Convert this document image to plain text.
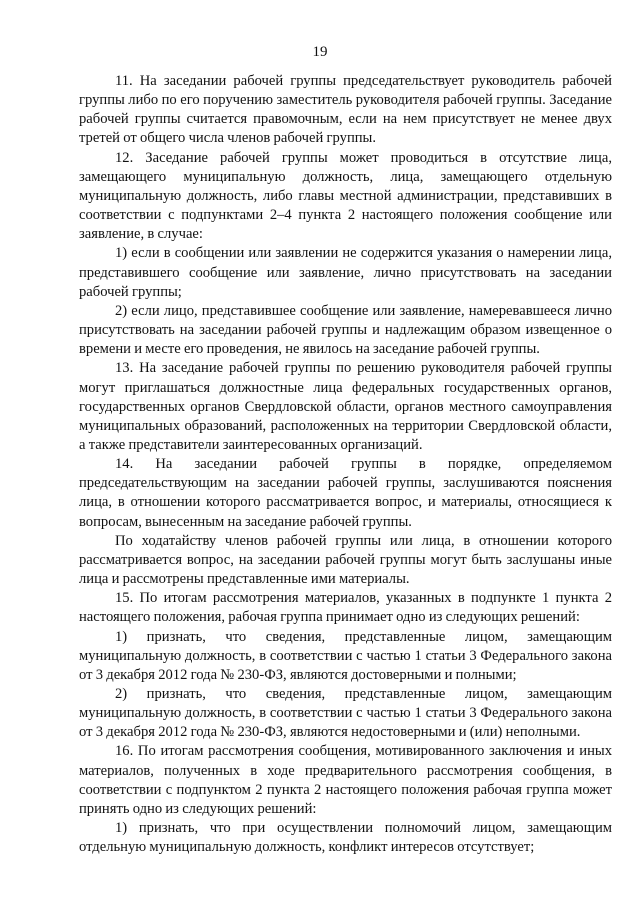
19

11. На заседании рабочей группы председательствует руководитель рабочей группы либо по его поручению заместитель руководителя рабочей группы. Заседание рабочей группы считается правомочным, если на нем присутствует не менее двух третей от общего числа членов рабочей группы.

12. Заседание рабочей группы может проводиться в отсутствие лица, замещающего муниципальную должность, лица, замещающего отдельную муниципальную должность, либо главы местной администрации, представивших в соответствии с подпунктами 2–4 пункта 2 настоящего положения сообщение или заявление, в случае:

1) если в сообщении или заявлении не содержится указания о намерении лица, представившего сообщение или заявление, лично присутствовать на заседании рабочей группы;

2) если лицо, представившее сообщение или заявление, намеревавшееся лично присутствовать на заседании рабочей группы и надлежащим образом извещенное о времени и месте его проведения, не явилось на заседание рабочей группы.

13. На заседание рабочей группы по решению руководителя рабочей группы могут приглашаться должностные лица федеральных государственных органов, государственных органов Свердловской области, органов местного самоуправления муниципальных образований, расположенных на территории Свердловской области, а также представители заинтересованных организаций.

14. На заседании рабочей группы в порядке, определяемом председательствующим на заседании рабочей группы, заслушиваются пояснения лица, в отношении которого рассматривается вопрос, и материалы, относящиеся к вопросам, вынесенным на заседание рабочей группы.

По ходатайству членов рабочей группы или лица, в отношении которого рассматривается вопрос, на заседании рабочей группы могут быть заслушаны иные лица и рассмотрены представленные ими материалы.

15. По итогам рассмотрения материалов, указанных в подпункте 1 пункта 2 настоящего положения, рабочая группа принимает одно из следующих решений:

1) признать, что сведения, представленные лицом, замещающим муниципальную должность, в соответствии с частью 1 статьи 3 Федерального закона от 3 декабря 2012 года № 230-ФЗ, являются достоверными и полными;

2) признать, что сведения, представленные лицом, замещающим муниципальную должность, в соответствии с частью 1 статьи 3 Федерального закона от 3 декабря 2012 года № 230-ФЗ, являются недостоверными и (или) неполными.

16. По итогам рассмотрения сообщения, мотивированного заключения и иных материалов, полученных в ходе предварительного рассмотрения сообщения, в соответствии с подпунктом 2 пункта 2 настоящего положения рабочая группа может принять одно из следующих решений:

1) признать, что при осуществлении полномочий лицом, замещающим отдельную муниципальную должность, конфликт интересов отсутствует;
